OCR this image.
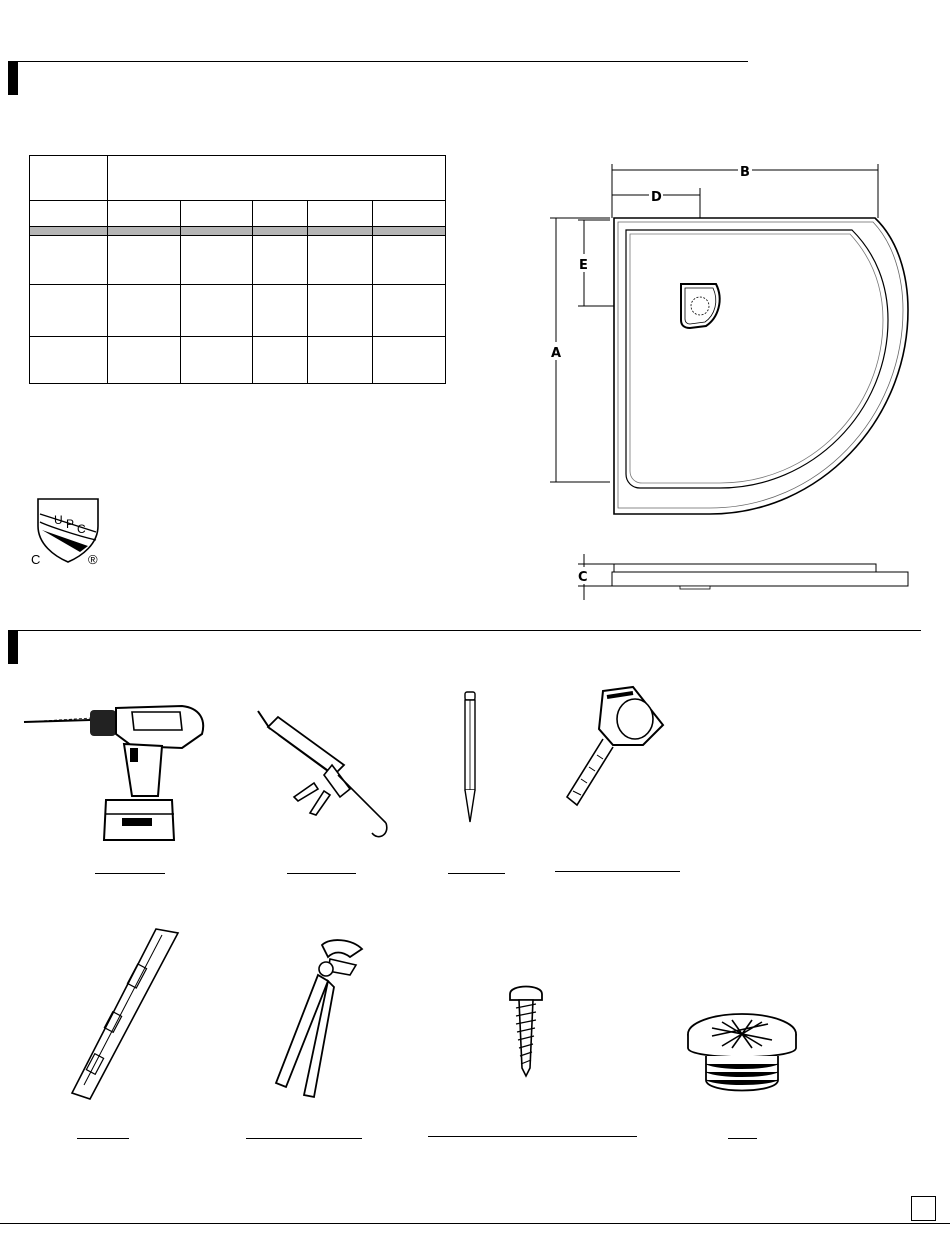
U P C
C	®
B
D
E
A
C
